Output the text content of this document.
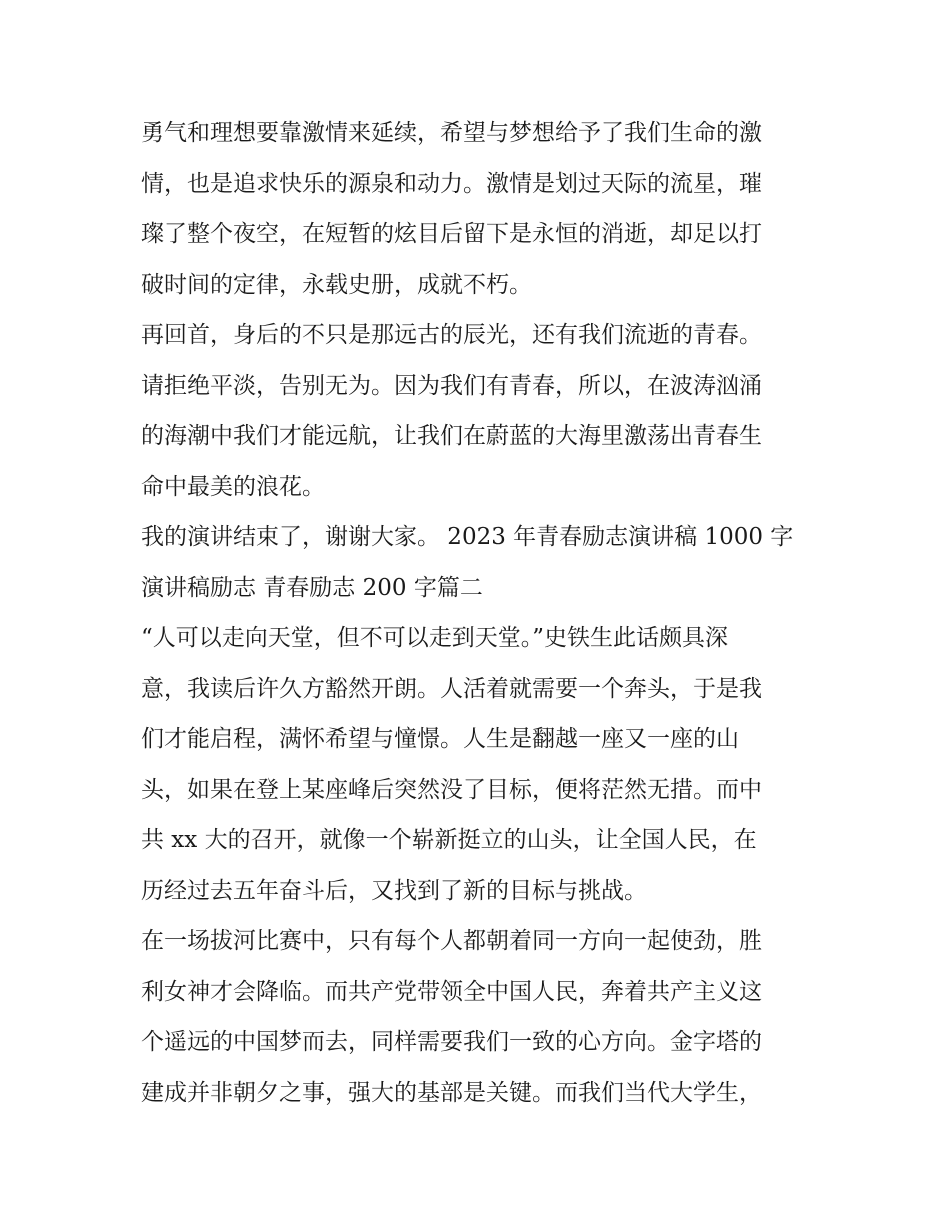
勇气和理想要靠激情来延续，希望与梦想给予了我们生命的激
情，也是追求快乐的源泉和动力。激情是划过天际的流星，璀
璨了整个夜空，在短暂的炫目后留下是永恒的消逝，却足以打
破时间的定律，永载史册，成就不朽。
再回首，身后的不只是那远古的辰光，还有我们流逝的青春。
请拒绝平淡，告别无为。因为我们有青春，所以，在波涛汹涌
的海潮中我们才能远航，让我们在蔚蓝的大海里激荡出青春生
命中最美的浪花。
我的演讲结束了，谢谢大家。 2023 年青春励志演讲稿 1000 字
演讲稿励志 青春励志 200 字篇二
“人可以走向天堂，但不可以走到天堂。”史铁生此话颇具深
意，我读后许久方豁然开朗。人活着就需要一个奔头，于是我
们才能启程，满怀希望与憧憬。人生是翻越一座又一座的山
头，如果在登上某座峰后突然没了目标，便将茫然无措。而中
共 xx 大的召开，就像一个崭新挺立的山头，让全国人民，在
历经过去五年奋斗后，又找到了新的目标与挑战。
在一场拔河比赛中，只有每个人都朝着同一方向一起使劲，胜
利女神才会降临。而共产党带领全中国人民，奔着共产主义这
个遥远的中国梦而去，同样需要我们一致的心方向。金字塔的
建成并非朝夕之事，强大的基部是关键。而我们当代大学生，
